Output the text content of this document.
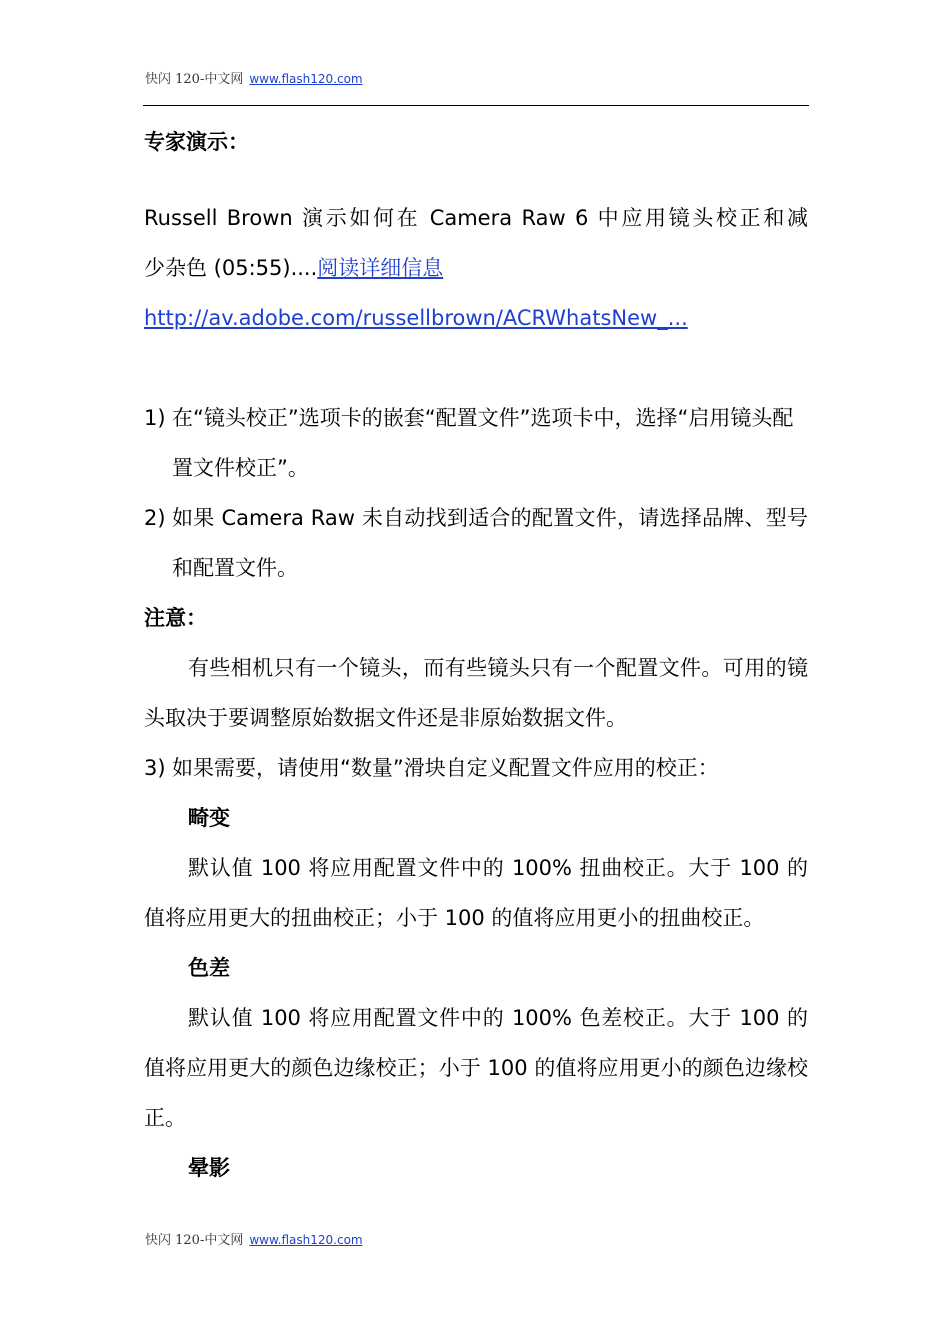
快闪 120-中文网 www.flash120.com

专家演示：

Russell Brown 演示如何在 Camera Raw 6 中应用镜头校正和减

少杂色 (05:55)....阅读详细信息

http://av.adobe.com/russellbrown/ACRWhatsNew_...

1) 在“镜头校正”选项卡的嵌套“配置文件”选项卡中，选择“启用镜头配置文件校正”。
2) 如果 Camera Raw 未自动找到适合的配置文件，请选择品牌、型号和配置文件。

注意：

有些相机只有一个镜头，而有些镜头只有一个配置文件。可用的镜头取决于要调整原始数据文件还是非原始数据文件。

3) 如果需要，请使用“数量”滑块自定义配置文件应用的校正：

畸变

默认值 100 将应用配置文件中的 100% 扭曲校正。大于 100 的值将应用更大的扭曲校正；小于 100 的值将应用更小的扭曲校正。

色差

默认值 100 将应用配置文件中的 100% 色差校正。大于 100 的值将应用更大的颜色边缘校正；小于 100 的值将应用更小的颜色边缘校正。

晕影

快闪 120-中文网 www.flash120.com
